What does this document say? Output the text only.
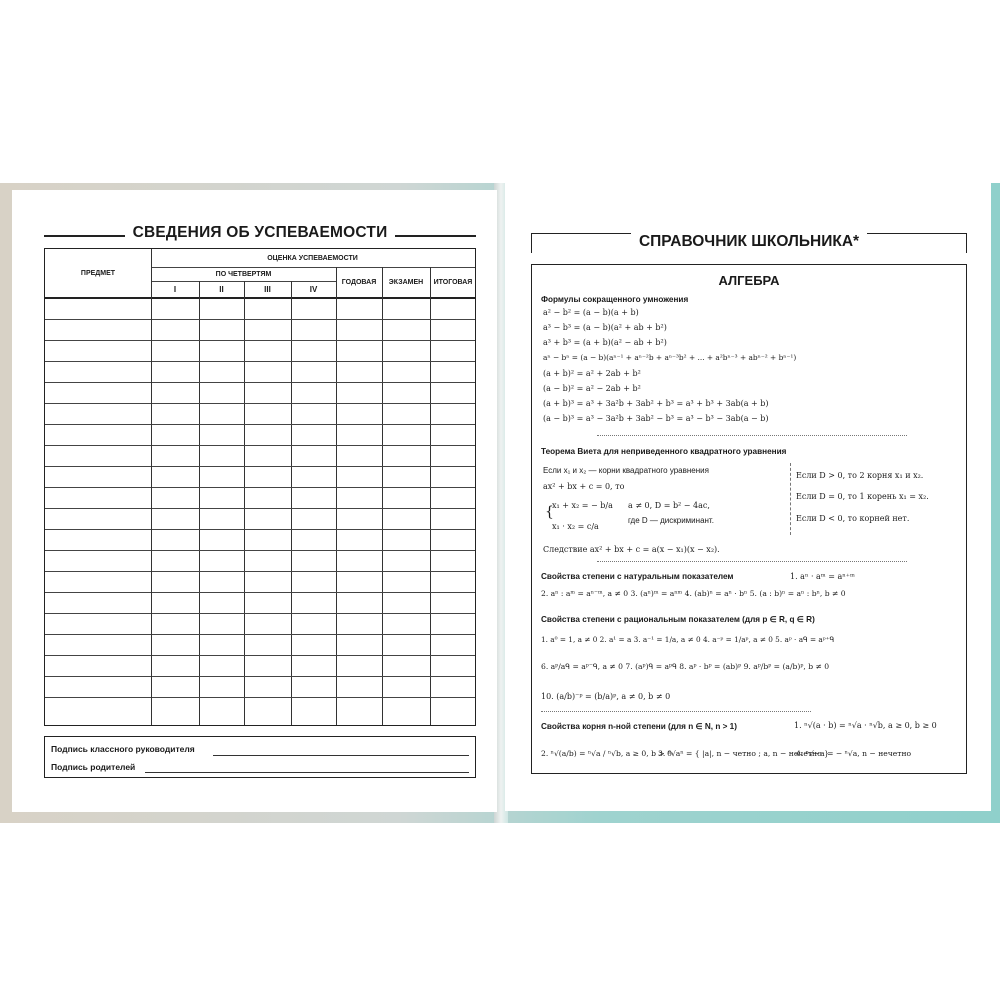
СВЕДЕНИЯ ОБ УСПЕВАЕМОСТИ
ПРЕДМЕТ
ОЦЕНКА УСПЕВАЕМОСТИ
ПО ЧЕТВЕРТЯМ
I	II	III	IV
ГОДОВАЯ	ЭКЗАМЕН	ИТОГОВАЯ
Подпись классного руководителя
Подпись родителей
СПРАВОЧНИК ШКОЛЬНИКА*
АЛГЕБРА
Формулы сокращенного умножения
a² − b² = (a − b)(a + b)
a³ − b³ = (a − b)(a² + ab + b²)
a³ + b³ = (a + b)(a² − ab + b²)
aⁿ − bⁿ = (a − b)(aⁿ⁻¹ + aⁿ⁻²b + aⁿ⁻³b² + ... + a²bⁿ⁻³ + abⁿ⁻² + bⁿ⁻¹)
(a + b)² = a² + 2ab + b²
(a − b)² = a² − 2ab + b²
(a + b)³ = a³ + 3a²b + 3ab² + b³ = a³ + b³ + 3ab(a + b)
(a − b)³ = a³ − 3a²b + 3ab² − b³ = a³ − b³ − 3ab(a − b)
Теорема Виета для неприведенного квадратного уравнения
Если x₁ и x₂ — корни квадратного уравнения
ax² + bx + c = 0, то
{
x₁ + x₂ = − b/a
x₁ · x₂ = c/a
a ≠ 0, D = b² − 4ac,
где D — дискриминант.
Следствие ax² + bx + c = a(x − x₁)(x − x₂).
Если D > 0, то 2 корня x₁ и x₂.
Если D = 0, то 1 корень x₁ = x₂.
Если D < 0, то корней нет.
Свойства степени с натуральным показателем	1. aⁿ · aᵐ = aⁿ⁺ᵐ
2. aⁿ : aᵐ = aⁿ⁻ᵐ, a ≠ 0 3. (aⁿ)ᵐ = aⁿᵐ 4. (ab)ⁿ = aⁿ · bⁿ 5. (a : b)ⁿ = aⁿ : bⁿ, b ≠ 0
Свойства степени с рациональным показателем (для p ∈ R, q ∈ R)
1. a⁰ = 1, a ≠ 0 2. a¹ = a 3. a⁻¹ = 1/a, a ≠ 0 4. a⁻ᵖ = 1/aᵖ, a ≠ 0 5. aᵖ · aᑫ = aᵖ⁺ᑫ
6. aᵖ/aᑫ = aᵖ⁻ᑫ, a ≠ 0 7. (aᵖ)ᑫ = aᵖᑫ 8. aᵖ · bᵖ = (ab)ᵖ 9. aᵖ/bᵖ = (a/b)ᵖ, b ≠ 0
10. (a/b)⁻ᵖ = (b/a)ᵖ, a ≠ 0, b ≠ 0
Свойства корня n-ной степени (для n ∈ N, n > 1)	1. ⁿ√(a · b) = ⁿ√a · ⁿ√b, a ≥ 0, b ≥ 0
2. ⁿ√(a/b) = ⁿ√a / ⁿ√b, a ≥ 0, b > 0
3. ⁿ√aⁿ = { |a|, n − четно ; a, n − нечетно }
4. ⁿ√−a = − ⁿ√a, n − нечетно
